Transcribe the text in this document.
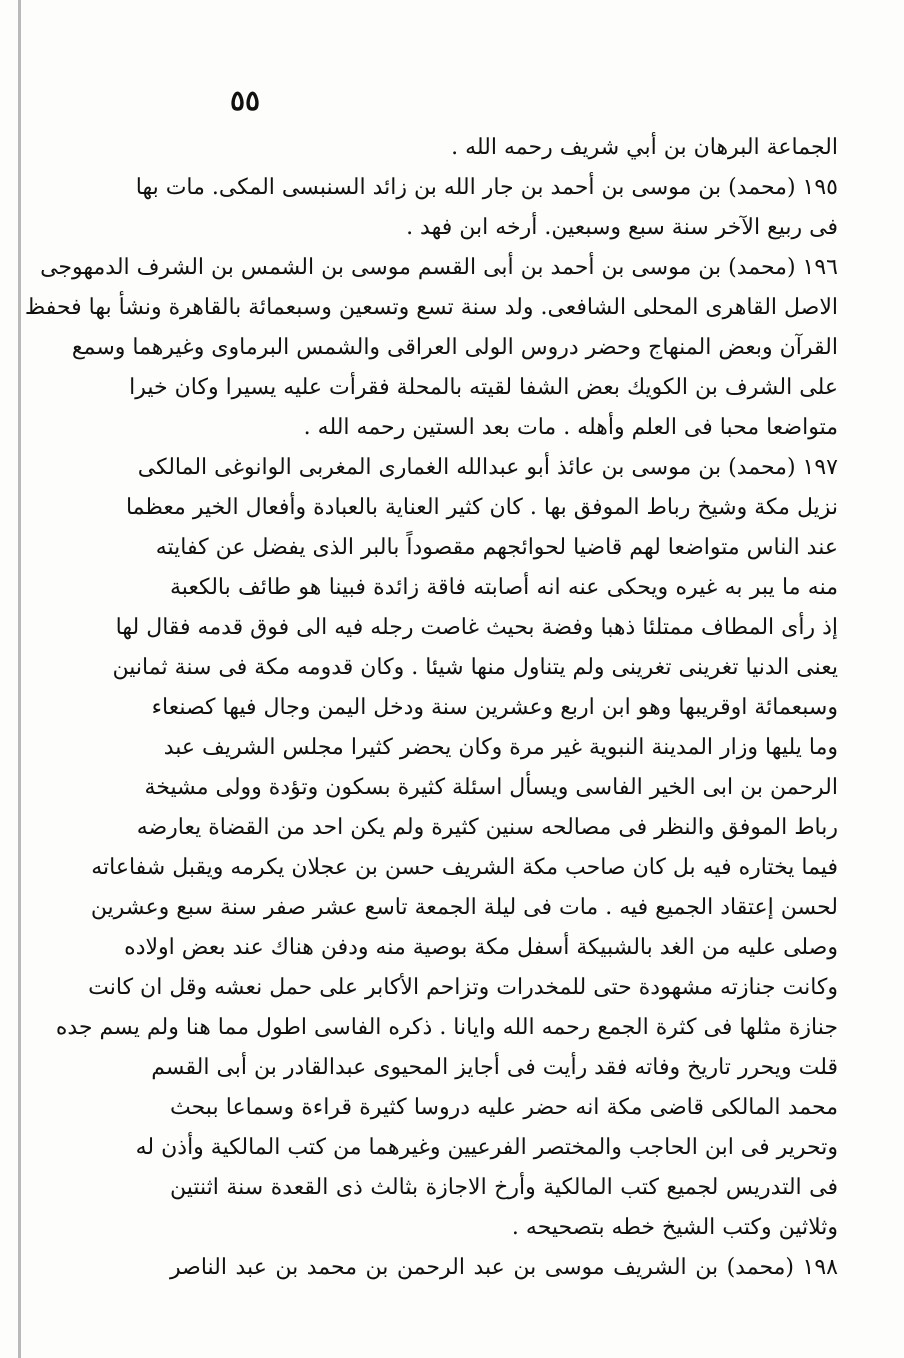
٥٥
الجماعة البرهان بن أبي شريف رحمه الله .
١٩٥ (محمد) بن موسى بن أحمد بن جار الله بن زائد السنبسى المكى. مات بها
فى ربيع الآخر سنة سبع وسبعين. أرخه ابن فهد .
١٩٦ (محمد) بن موسى بن أحمد بن أبى القسم موسى بن الشمس بن الشرف الدمهوجى
الاصل القاهرى المحلى الشافعى. ولد سنة تسع وتسعين وسبعمائة بالقاهرة ونشأ بها فحفظ
القرآن وبعض المنهاج وحضر دروس الولى العراقى والشمس البرماوى وغيرهما وسمع
على الشرف بن الكويك بعض الشفا لقيته بالمحلة فقرأت عليه يسيرا وكان خيرا
متواضعا محبا فى العلم وأهله . مات بعد الستين رحمه الله .
١٩٧ (محمد) بن موسى بن عائذ أبو عبدالله الغمارى المغربى الوانوغى المالكى
نزيل مكة وشيخ رباط الموفق بها . كان كثير العناية بالعبادة وأفعال الخير معظما
عند الناس متواضعا لهم قاضيا لحوائجهم مقصوداً بالبر الذى يفضل عن كفايته
منه ما يبر به غيره ويحكى عنه انه أصابته فاقة زائدة فبينا هو طائف بالكعبة
إذ رأى المطاف ممتلئا ذهبا وفضة بحيث غاصت رجله فيه الى فوق قدمه فقال لها
يعنى الدنيا تغرينى تغرينى ولم يتناول منها شيئا . وكان قدومه مكة فى سنة ثمانين
وسبعمائة اوقريبها وهو ابن اربع وعشرين سنة ودخل اليمن وجال فيها كصنعاء
وما يليها وزار المدينة النبوية غير مرة وكان يحضر كثيرا مجلس الشريف عبد
الرحمن بن ابى الخير الفاسى ويسأل اسئلة كثيرة بسكون وتؤدة وولى مشيخة
رباط الموفق والنظر فى مصالحه سنين كثيرة ولم يكن احد من القضاة يعارضه
فيما يختاره فيه بل كان صاحب مكة الشريف حسن بن عجلان يكرمه ويقبل شفاعاته
لحسن إعتقاد الجميع فيه . مات فى ليلة الجمعة تاسع عشر صفر سنة سبع وعشرين
وصلى عليه من الغد بالشبيكة أسفل مكة بوصية منه ودفن هناك عند بعض اولاده
وكانت جنازته مشهودة حتى للمخدرات وتزاحم الأكابر على حمل نعشه وقل ان كانت
جنازة مثلها فى كثرة الجمع رحمه الله وايانا . ذكره الفاسى اطول مما هنا ولم يسم جده
قلت ويحرر تاريخ وفاته فقد رأيت فى أجايز المحيوى عبدالقادر بن أبى القسم
محمد المالكى قاضى مكة انه حضر عليه دروسا كثيرة قراءة وسماعا ببحث
وتحرير فى ابن الحاجب والمختصر الفرعيين وغيرهما من كتب المالكية وأذن له
فى التدريس لجميع كتب المالكية وأرخ الاجازة بثالث ذى القعدة سنة اثنتين
وثلاثين وكتب الشيخ خطه بتصحيحه .
١٩٨ (محمد) بن الشريف موسى بن عبد الرحمن بن محمد بن عبد الناصر
